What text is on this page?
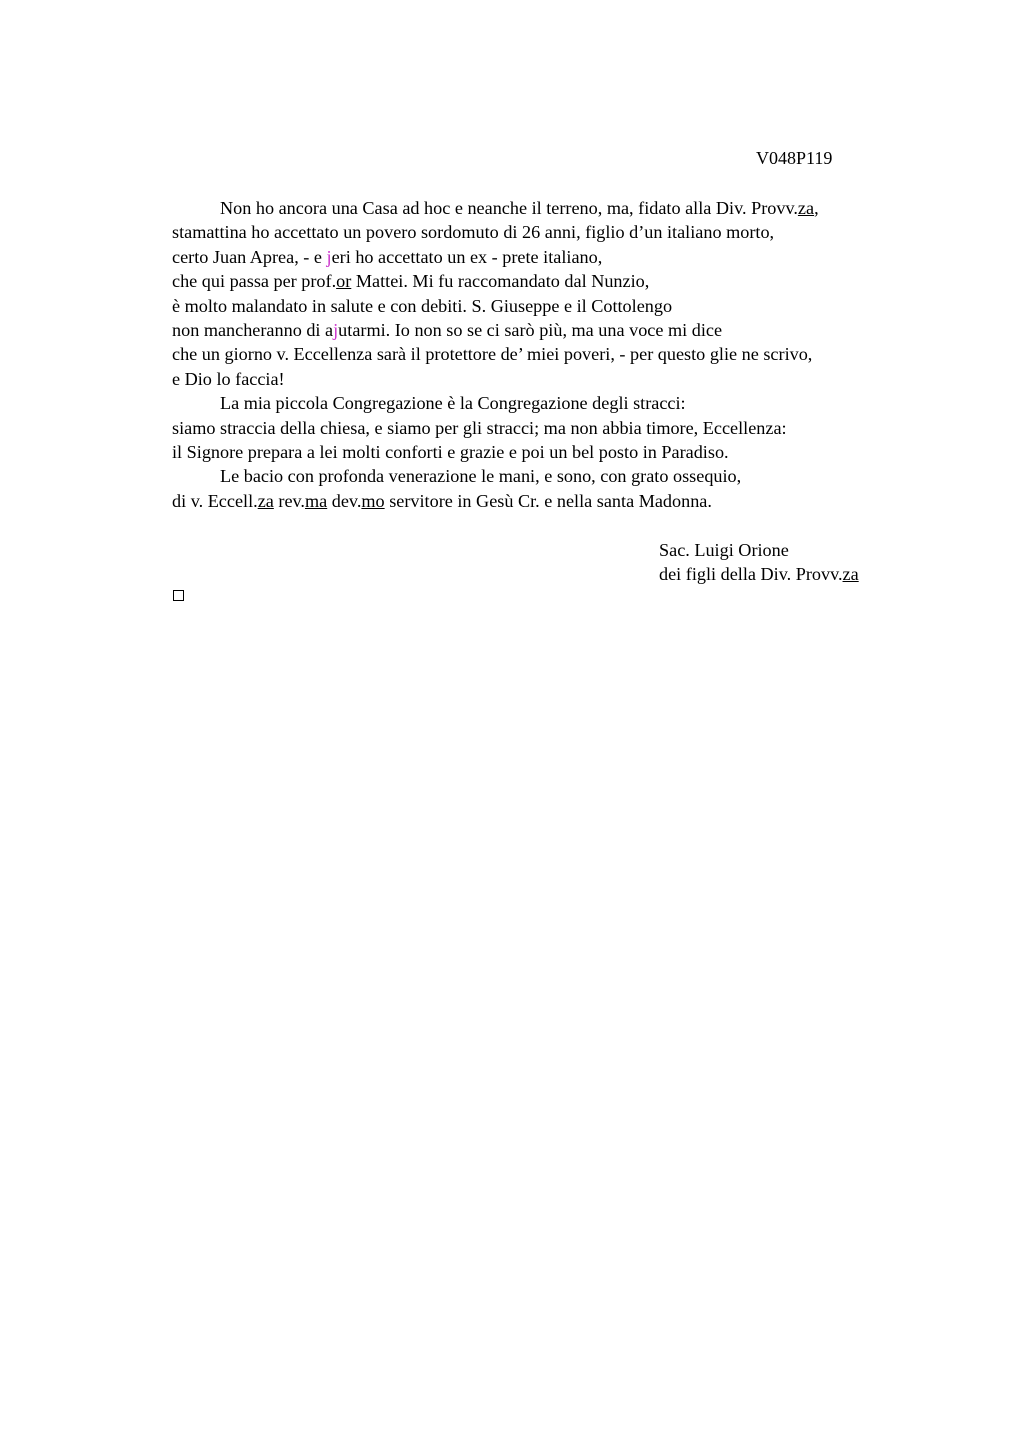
V048P119
Non ho ancora una Casa ad hoc e neanche il terreno, ma, fidato alla Div. Provv.za,
stamattina ho accettato un povero sordomuto di 26 anni, figlio d’un italiano morto,
certo Juan Aprea, - e jeri ho accettato un ex - prete italiano,
che qui passa per prof.or Mattei. Mi fu raccomandato dal Nunzio,
è molto malandato in salute e con debiti. S. Giuseppe e il Cottolengo
non mancheranno di ajutarmi. Io non so se ci sarò più, ma una voce mi dice
che un giorno v. Eccellenza sarà il protettore de’ miei poveri, - per questo glie ne scrivo,
e Dio lo faccia!
La mia piccola Congregazione è la Congregazione degli stracci:
siamo straccia della chiesa, e siamo per gli stracci; ma non abbia timore, Eccellenza:
il Signore prepara a lei molti conforti e grazie e poi un bel posto in Paradiso.
Le bacio con profonda venerazione le mani, e sono, con grato ossequio,
di v. Eccell.za rev.ma dev.mo servitore in Gesù Cr. e nella santa Madonna.
Sac. Luigi Orione
dei figli della Div. Provv.za
